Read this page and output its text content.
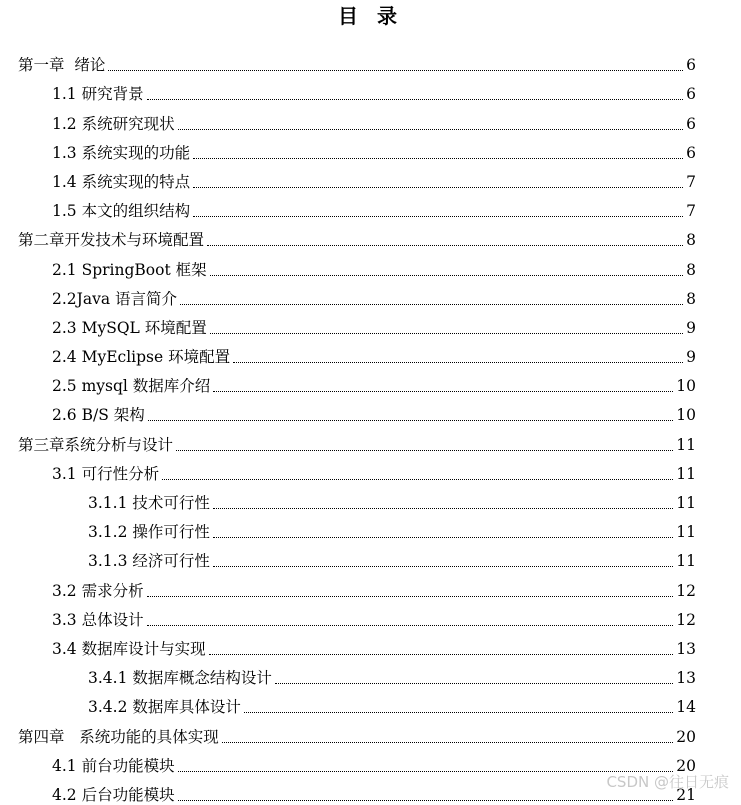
目 录
第一章  绪论	6
1.1 研究背景	6
1.2 系统研究现状	6
1.3 系统实现的功能	6
1.4 系统实现的特点	7
1.5 本文的组织结构	7
第二章开发技术与环境配置	8
2.1 SpringBoot 框架	8
2.2Java 语言简介	8
2.3 MySQL 环境配置	9
2.4 MyEclipse 环境配置	9
2.5 mysql 数据库介绍	10
2.6 B/S 架构	10
第三章系统分析与设计	11
3.1 可行性分析	11
3.1.1 技术可行性	11
3.1.2 操作可行性	11
3.1.3 经济可行性	11
3.2 需求分析	12
3.3 总体设计	12
3.4 数据库设计与实现	13
3.4.1 数据库概念结构设计	13
3.4.2 数据库具体设计	14
第四章   系统功能的具体实现	20
4.1 前台功能模块	20
4.2 后台功能模块	21
CSDN @往日无痕
